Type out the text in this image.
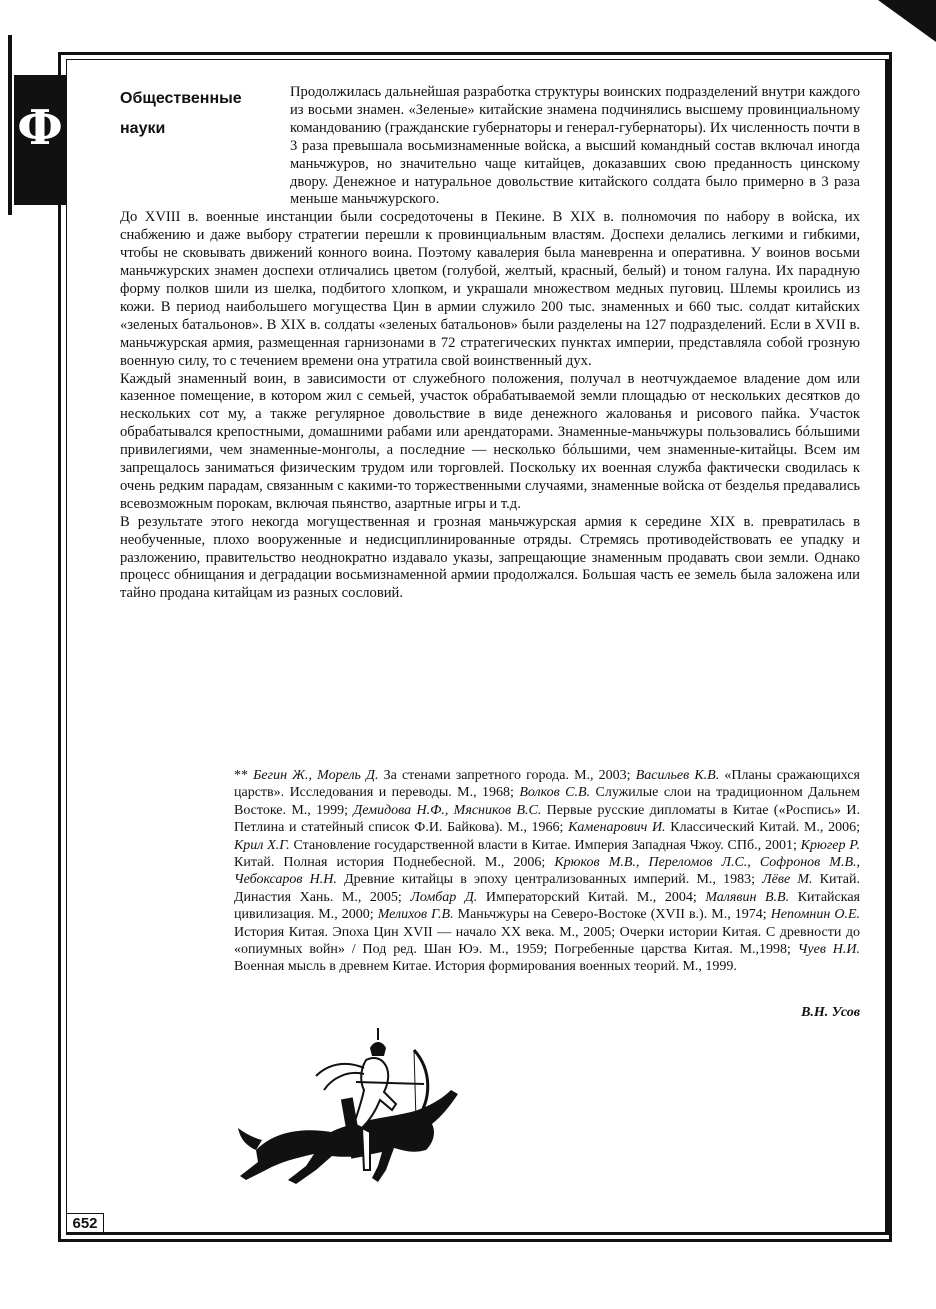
Ф
Общественные
науки

Продолжилась дальнейшая разработка структуры воинских подразделений внутри каждого из восьми знамен. «Зеленые» китайские знамена подчинялись высшему провинциальному командованию (гражданские губернаторы и генерал-губернаторы). Их численность почти в 3 раза превышала восьмизнаменные войска, а высший командный состав включал иногда маньчжуров, но значительно чаще китайцев, доказавших свою преданность цинскому двору. Денежное и натуральное довольствие китайского солдата было примерно в 3 раза меньше маньчжурского.

До XVIII в. военные инстанции были сосредоточены в Пекине. В XIX в. полномочия по набору в войска, их снабжению и даже выбору стратегии перешли к провинциальным властям. Доспехи делались легкими и гибкими, чтобы не сковывать движений конного воина. Поэтому кавалерия была маневренна и оперативна. У воинов восьми маньчжурских знамен доспехи отличались цветом (голубой, желтый, красный, белый) и тоном галуна. Их парадную форму полков шили из шелка, подбитого хлопком, и украшали множеством медных пуговиц. Шлемы кроились из кожи. В период наибольшего могущества Цин в армии служило 200 тыс. знаменных и 660 тыс. солдат китайских «зеленых батальонов». В XIX в. солдаты «зеленых батальонов» были разделены на 127 подразделений. Если в XVII в. маньчжурская армия, размещенная гарнизонами в 72 стратегических пунктах империи, представляла собой грозную военную силу, то с течением времени она утратила свой воинственный дух.

Каждый знаменный воин, в зависимости от служебного положения, получал в неотчуждаемое владение дом или казенное помещение, в котором жил с семьей, участок обрабатываемой земли площадью от нескольких десятков до нескольких сот му, а также регулярное довольствие в виде денежного жалованья и рисового пайка. Участок обрабатывался крепостными, домашними рабами или арендаторами. Знаменные-маньчжуры пользовались бóльшими привилегиями, чем знаменные-монголы, а последние — несколько бóльшими, чем знаменные-китайцы. Всем им запрещалось заниматься физическим трудом или торговлей. Поскольку их военная служба фактически сводилась к очень редким парадам, связанным с какими-то торжественными случаями, знаменные войска от безделья предавались всевозможным порокам, включая пьянство, азартные игры и т.д.

В результате этого некогда могущественная и грозная маньчжурская армия к середине XIX в. превратилась в необученные, плохо вооруженные и недисциплинированные отряды. Стремясь противодействовать ее упадку и разложению, правительство неоднократно издавало указы, запрещающие знаменным продавать свои земли. Однако процесс обнищания и деградации восьмизнаменной армии продолжался. Большая часть ее земель была заложена или тайно продана китайцам из разных сословий.

** Бегин Ж., Морель Д. За стенами запретного города. М., 2003; Васильев К.В. «Планы сражающихся царств». Исследования и переводы. М., 1968; Волков С.В. Служилые слои на традиционном Дальнем Востоке. М., 1999; Демидова Н.Ф., Мясников В.С. Первые русские дипломаты в Китае («Роспись» И. Петлина и статейный список Ф.И. Байкова). М., 1966; Каменарович И. Классический Китай. М., 2006; Крил Х.Г. Становление государственной власти в Китае. Империя Западная Чжоу. СПб., 2001; Крюгер Р. Китай. Полная история Поднебесной. М., 2006; Крюков М.В., Переломов Л.С., Софронов М.В., Чебоксаров Н.Н. Древние китайцы в эпоху централизованных империй. М., 1983; Лёве М. Китай. Династия Хань. М., 2005; Ломбар Д. Императорский Китай. М., 2004; Малявин В.В. Китайская цивилизация. М., 2000; Мелихов Г.В. Маньчжуры на Северо-Востоке (XVII в.). М., 1974; Непомнин О.Е. История Китая. Эпоха Цин XVII — начало XX века. М., 2005; Очерки истории Китая. С древности до «опиумных войн» / Под ред. Шан Юэ. М., 1959; Погребенные царства Китая. М.,1998; Чуев Н.И. Военная мысль в древнем Китае. История формирования военных теорий. М., 1999.
В.Н. Усов
652
